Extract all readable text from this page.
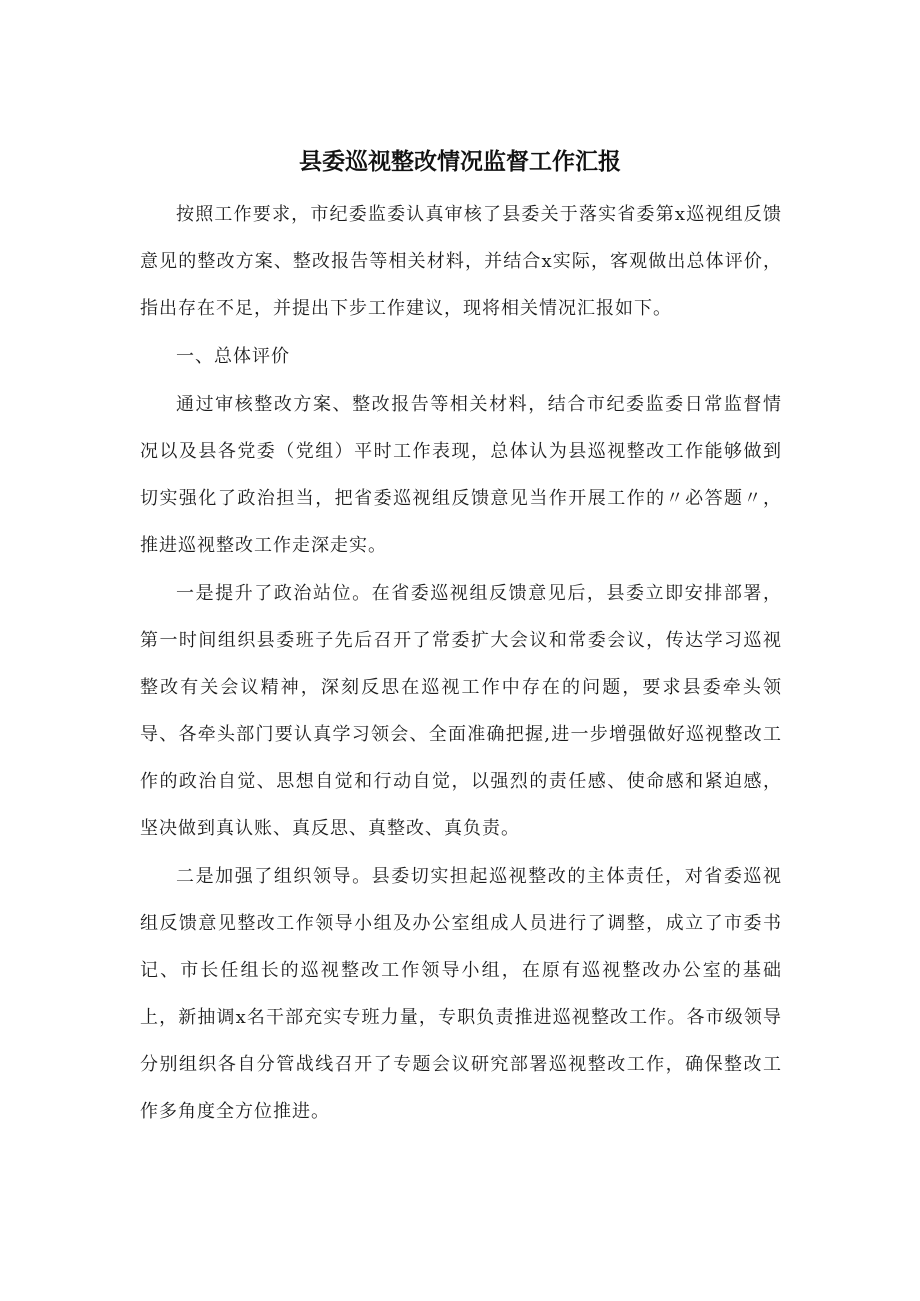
县委巡视整改情况监督工作汇报

按照工作要求，市纪委监委认真审核了县委关于落实省委第x巡视组反馈意见的整改方案、整改报告等相关材料，并结合x实际，客观做出总体评价，指出存在不足，并提出下步工作建议，现将相关情况汇报如下。

一、总体评价

通过审核整改方案、整改报告等相关材料，结合市纪委监委日常监督情况以及县各党委（党组）平时工作表现，总体认为县巡视整改工作能够做到切实强化了政治担当，把省委巡视组反馈意见当作开展工作的〃必答题〃，推进巡视整改工作走深走实。

一是提升了政治站位。在省委巡视组反馈意见后，县委立即安排部署，第一时间组织县委班子先后召开了常委扩大会议和常委会议，传达学习巡视整改有关会议精神，深刻反思在巡视工作中存在的问题，要求县委牵头领导、各牵头部门要认真学习领会、全面准确把握,进一步增强做好巡视整改工作的政治自觉、思想自觉和行动自觉，以强烈的责任感、使命感和紧迫感，坚决做到真认账、真反思、真整改、真负责。

二是加强了组织领导。县委切实担起巡视整改的主体责任，对省委巡视组反馈意见整改工作领导小组及办公室组成人员进行了调整，成立了市委书记、市长任组长的巡视整改工作领导小组，在原有巡视整改办公室的基础上，新抽调x名干部充实专班力量，专职负责推进巡视整改工作。各市级领导分别组织各自分管战线召开了专题会议研究部署巡视整改工作，确保整改工作多角度全方位推进。
